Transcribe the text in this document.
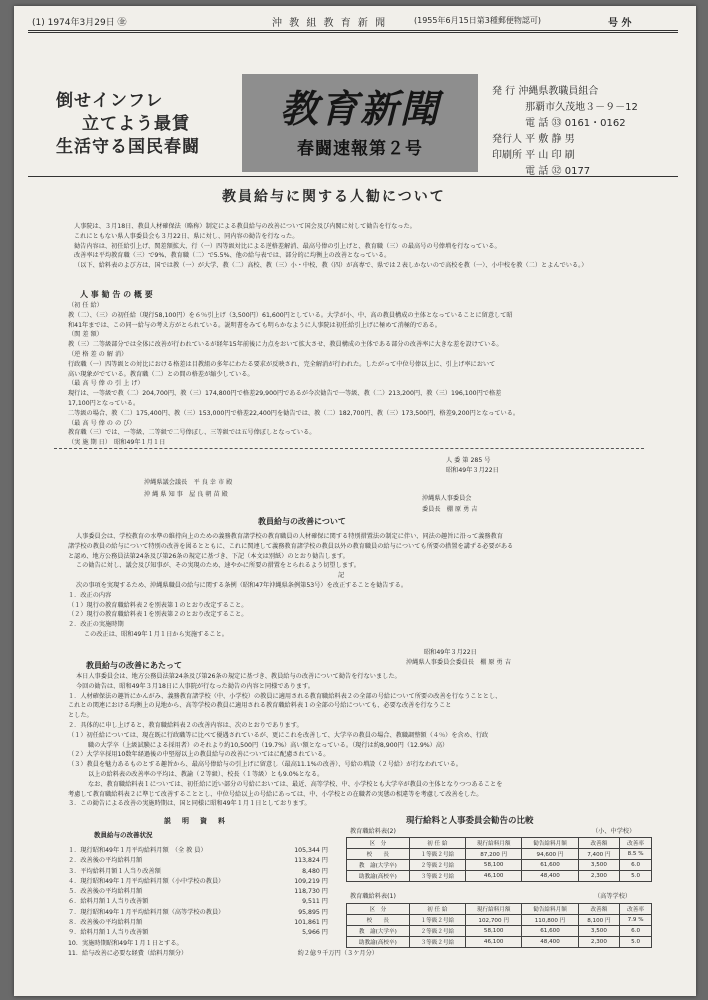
(1) 1974年3月29日 ㊎	沖 教 組 教 育 新 聞	(1955年6月15日第3種郵便物認可)	号 外
倒せインフレ
立てよう最賃
生活守る国民春闘
教育新聞
春闘速報第２号
発 行 沖縄県教職員組合
　　　 那覇市久茂地３－９－12
　　　 電 話 ㉝ 0161・0162
発行人 平 敷 静 男
印刷所 平 山 印 刷
　　　 電 話 ㉜ 0177
教員給与に関する人勧について
人事院は、３月18日、教員人材確保法（略称）制定による教員給与の改善について国会及び内閣に対して勧告を行なった。
これにともない県人事委員会も３月22日、県に対し、同内容の勧告を行なった。
勧告内容は、初任給引上げ、関差額拡大、行（一）四等級対比による逆格差解消、最高号俸の引上げと、教育職（三）の最高号の号俸増を行なっている。
改善率は平均教育職（三）で9%、教育職（二）で5.5%、他の給与表では、部分的に均衡上の改善となっている。
（以下、給料表のよび方は、国では教（一）が大学、教（二）高校、教（三）小・中校、教（四）が高専で、県では２表しかないので高校を教（一）、小中校を教（二）とよんでいる。）
人 事 勧 告 の 概 要
（初 任 給）
教（二）、（三）の初任給（現行58,100円）を６％引上げ（3,500円）61,600円としている。大学が小、中、高の教員構成の主体となっていることに留意して昭
和41年までは、この同一給与の考え方がとられている。説明書をみても明らかなように人事院は初任給引上げに極めて消極的である。
（関 差 額）
教（三）二等級部分では全体に改善が行われているが経年15年前後に力点をおいて拡大させ、教員構成の主体である部分の改善率に大きな差を設けている。
（逆 格 差 の 解 消）
行政職（一）四等級との対比における格差は目教組の多年にわたる要求が反映され、完全解消が行われた。したがって中位号俸以上に、引上げ率において
高い現象がでている。教育職（二）との間の格差が縮少している。
（最 高 号 俸 の 引 上 げ）
現行は、一等級で教（二）204,700円、教（三）174,800円で格差29,900円であるが今次勧告で一等級、教（二）213,200円、教（三）196,100円で格差
17,100円となっている。
二等級の場合、教（二）175,400円、教（三）153,000円で格差22,400円を勧告では、教（二）182,700円、教（三）173,500円、格差9,200円となっている。
（最 高 号 俸 の の び）
教育職（三）では、一等級、二等級で二号俸ぼし、三等級では五号俸ぼしとなっている。
（実 施 期 日）　昭和49年１月１日
人 委 第 285 号
昭和49年３月22日
沖縄県議会議長　平 良 幸 市 殿
沖 縄 県 知 事　屋 良 朝 苗 殿
沖縄県人事委員会
委員長　棚 原 勇 吉
教員給与の改善について
人事委員会は、学校教育の水準の維持向上のための義務教育諸学校の教育職員の人材確保に関する特別措置法の制定に伴い、同法の趣旨に沿って義務教育
諸学校の教員の給与について特別の改善を図るとともに、これに関連して義務教育諸学校の教員以外の教育職員の給与についても所要の措置を講ずる必要がある
と認め、地方公務員法第24条及び第26条の規定に基づき、下記（本文は別紙）のとおり勧告します。
この勧告に対し、議会及び知事が、その実現のため、速やかに所要の措置をとられるよう切望します。
記
次の事項を実現するため、沖縄県職員の給与に関する条例（昭和47年沖縄県条例第53号）を改正することを勧告する。
１．改正の内容
（１）現行の教育職給料表２を別表第１のとおり改定すること。
（２）現行の教育職給料表１を別表第２のとおり改定すること。
２．改正の実施時期
この改正は、昭和49年１月１日から実施すること。
昭和49年３月22日
沖縄県人事委員会委員長　棚 原 勇 吉
教員給与の改善にあたって
本日人事委員会は、地方公務員法第24条及び第26条の規定に基づき、教員給与の改善について勧告を行ないました。
今回の勧告は、昭和49年３月18日に人事院が行なった勧告の内容と同様であります。
１．人材確保法の趣旨にかんがみ、義務教育諸学校（中、小学校）の教員に適用される教育職給料表２の全部の号給について所要の改善を行なうこととし、
これとの関連における均衡上の見地から、高等学校の教員に適用される教育職給料表１の全部の号給についても、必要な改善を行なうこと
とした。
２．具体的に申し上げると、教育職給料表２の改善内容は、次のとおりであります。
（１）初任給については、現在既に行政職等に比べて優遇されているが、更にこれを改善して、大学卒の教員の場合、教職調整額（４％）を含め、行政
職の大学卒（上級試験による採用者）のそれより約10,500円（19.7%）高い額となっている。（現行は約8,900円（12.9%）高）
（２）大学卒採用10数年経過後の中堅層以上の教員給与の改善についてはに配慮されている。
（３）教員を魅力あるものとする趣旨から、最高号俸給与の引上げに留意し（最高11.1%の改善）、号給の増設（２号給）が行なわれている。
以上の給料表の改善率の平均は、教諭（２等級）、校長（１等級）とも9.0%となる。
なお、教育職給料表１については、初任給に近い部分の号給においては、最近、高等学校、中、小学校とも大学卒が教員の主体となりつつあることを
考慮して教育職給料表２に準じて改善することとし、中位号給以上の号給にあっては、中、小学校との在職者の実態の相違等を考慮して改善をした。
３．この勧告による改善の実施時期は、国と同様に昭和49年１月１日としております。
説　明　資　料
教員給与の改善状況
１．現行昭和49年１月平均給料月額　（全 教 員）	105,344 円
２．改善後の平均給料月額	113,824 円
３．平均給料月額１人当り改善額	8,480 円
４．現行昭和49年１月平均給料月額（小中学校の教員）	109,219 円
５．改善後の平均給料月額	118,730 円
６．給料月額１人当り改善額	9,511 円
７．現行昭和49年１月平均給料月額（高等学校の教員）	95,895 円
８．改善後の平均給料月額	101,861 円
９．給料月額１人当り改善額	5,966 円
10．実施時期昭和49年１月１日とする。
11．給与改善に必要な経費（給料月額分）	約２億９千万円（３ケ月分）
現行給料と人事委員会勧告の比較
教育職給料表(2)	（小、中学校）
区　分	初 任 給	現行給料月額	勧告給料月額	改善額	改善率
校　　長	１等級２号給	87,200 円	94,600 円	7,400 円	8.5 %
教　諭(大学卒)	２等級２号給	58,100	61,600	3,500	6.0
助教諭(高校卒)	３等級２号給	46,100	48,400	2,300	5.0
教育職給料表(1)	（高等学校）
区　分	初 任 給	現行給料月額	勧告給料月額	改善額	改善率
校　　長	１等級２号給	102,700 円	110,800 円	8,100 円	7.9 %
教　諭(大学卒)	２等級２号給	58,100	61,600	3,500	6.0
助教諭(高校卒)	３等級２号給	46,100	48,400	2,300	5.0
